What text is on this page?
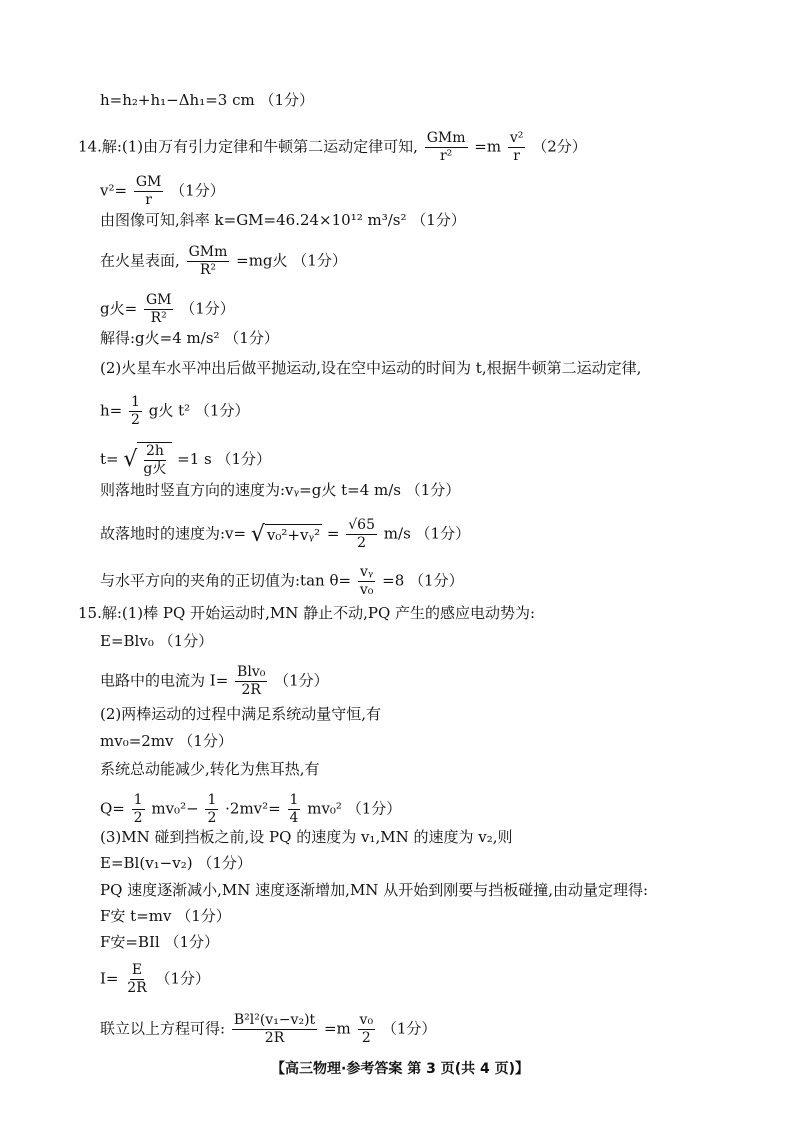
h=h₂+h₁−Δh₁=3 cm （1分）
14.解:(1)由万有引力定律和牛顿第二运动定律可知, $\frac{\text{GMm}}{\text{r²}} =m \frac{\text{v²}}{r} (2$分）
$v^2= \frac{GM}{r} (1$分）
由图像可知,斜率 k=GM=46.24×10¹² m³/s² （1分）
在火星表面, $\frac{\text{GMm}}{\text{R²}} =mg$火 （1分）
g火= $\frac{GM}{\text{R²}} (1$分）
解得:g火=4 m/s² （1分）
(2)火星车水平冲出后做平抛运动,设在空中运动的时间为 t,根据牛顿第二运动定律,
$h= \frac{1}{2}$ g火 t² （1分）
t= √ $\frac{2h}{\text{g火}} =1$ s （1分）
则落地时竖直方向的速度为:vᵧ=g火 t=4 m/s （1分）
故落地时的速度为:v= √ v₀²+vᵧ² = $\frac{√65}{2} m/s$ （1分）
与水平方向的夹角的正切值为:tan $\theta= \frac{\text{vᵧ}}{\text{v₀}} =8$ （1分）
15.解:(1)棒 PQ 开始运动时,MN 静止不动,PQ 产生的感应电动势为:
E=Blv₀ （1分）
电路中的电流为 $I= \frac{\text{Blv₀}}{2R} (1$分）
(2)两棒运动的过程中满足系统动量守恒,有
mv₀=2mv （1分）
系统总动能减少,转化为焦耳热,有
$Q= \frac{1}{2} mv_0^2- \frac{1}{2} \cdot 2mv^2= \frac{1}{4} mv_0^2$ （1分）
(3)MN 碰到挡板之前,设 PQ 的速度为 v₁,MN 的速度为 v₂,则
E=Bl(v₁−v₂) （1分）
PQ 速度逐渐减小,MN 速度逐渐增加,MN 从开始到刚要与挡板碰撞,由动量定理得:
F安 t=mv （1分）
F安=BIl （1分）
$I= \frac{E}{2R} (1$分）
联立以上方程可得: $\frac{\text{B²l²(v₁−v₂)t}}{2R} =m \frac{\text{v₀}}{2} (1$分）
【高三物理·参考答案 第 3 页(共 4 页)】
